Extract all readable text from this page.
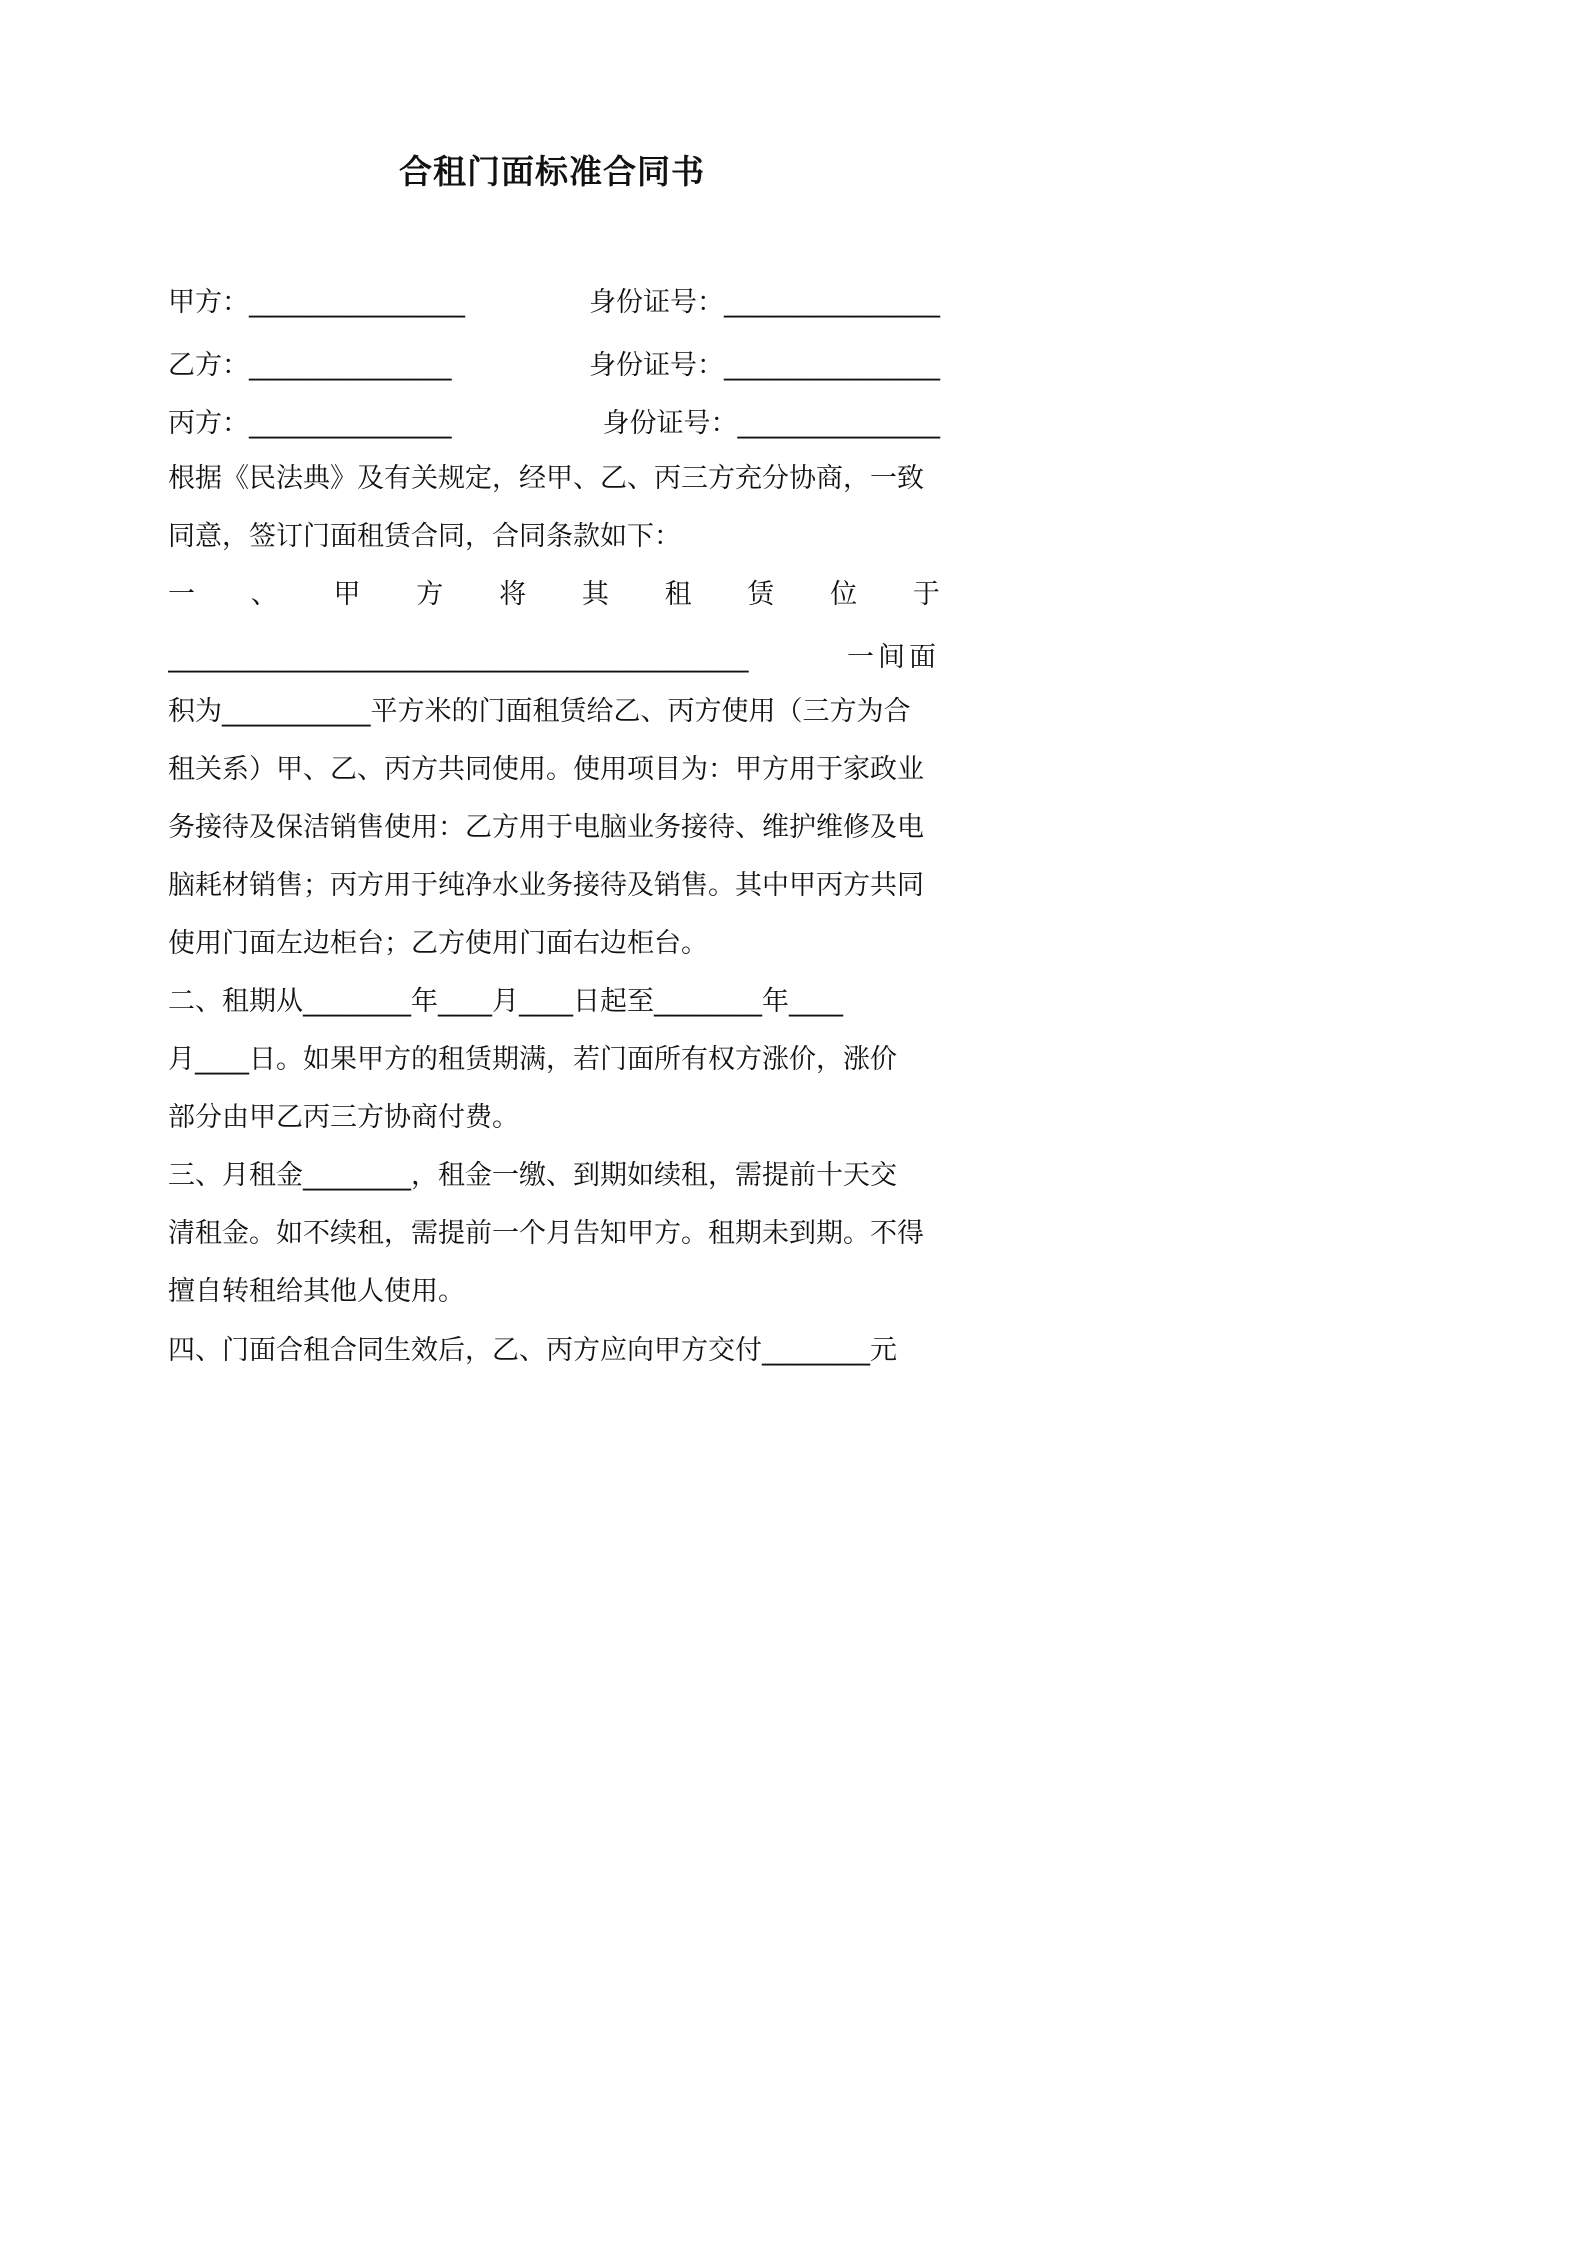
合租门面标准合同书
甲方：________________	身份证号：________________
乙方：_______________	身份证号：________________
丙方：_______________	身份证号：_______________
根据《民法典》及有关规定，经甲、乙、丙三方充分协商，一致
同意，签订门面租赁合同，合同条款如下：
一 、 甲 方 将 其 租 赁 位 于
___________________________________________	一间面
积为___________平方米的门面租赁给乙、丙方使用（三方为合
租关系）甲、乙、丙方共同使用。使用项目为：甲方用于家政业
务接待及保洁销售使用：乙方用于电脑业务接待、维护维修及电
脑耗材销售；丙方用于纯净水业务接待及销售。其中甲丙方共同
使用门面左边柜台；乙方使用门面右边柜台。
二、租期从________年____月____日起至________年____
月____日。如果甲方的租赁期满，若门面所有权方涨价，涨价
部分由甲乙丙三方协商付费。
三、月租金________，租金一缴、到期如续租，需提前十天交
清租金。如不续租，需提前一个月告知甲方。租期未到期。不得
擅自转租给其他人使用。
四、门面合租合同生效后，乙、丙方应向甲方交付________元
